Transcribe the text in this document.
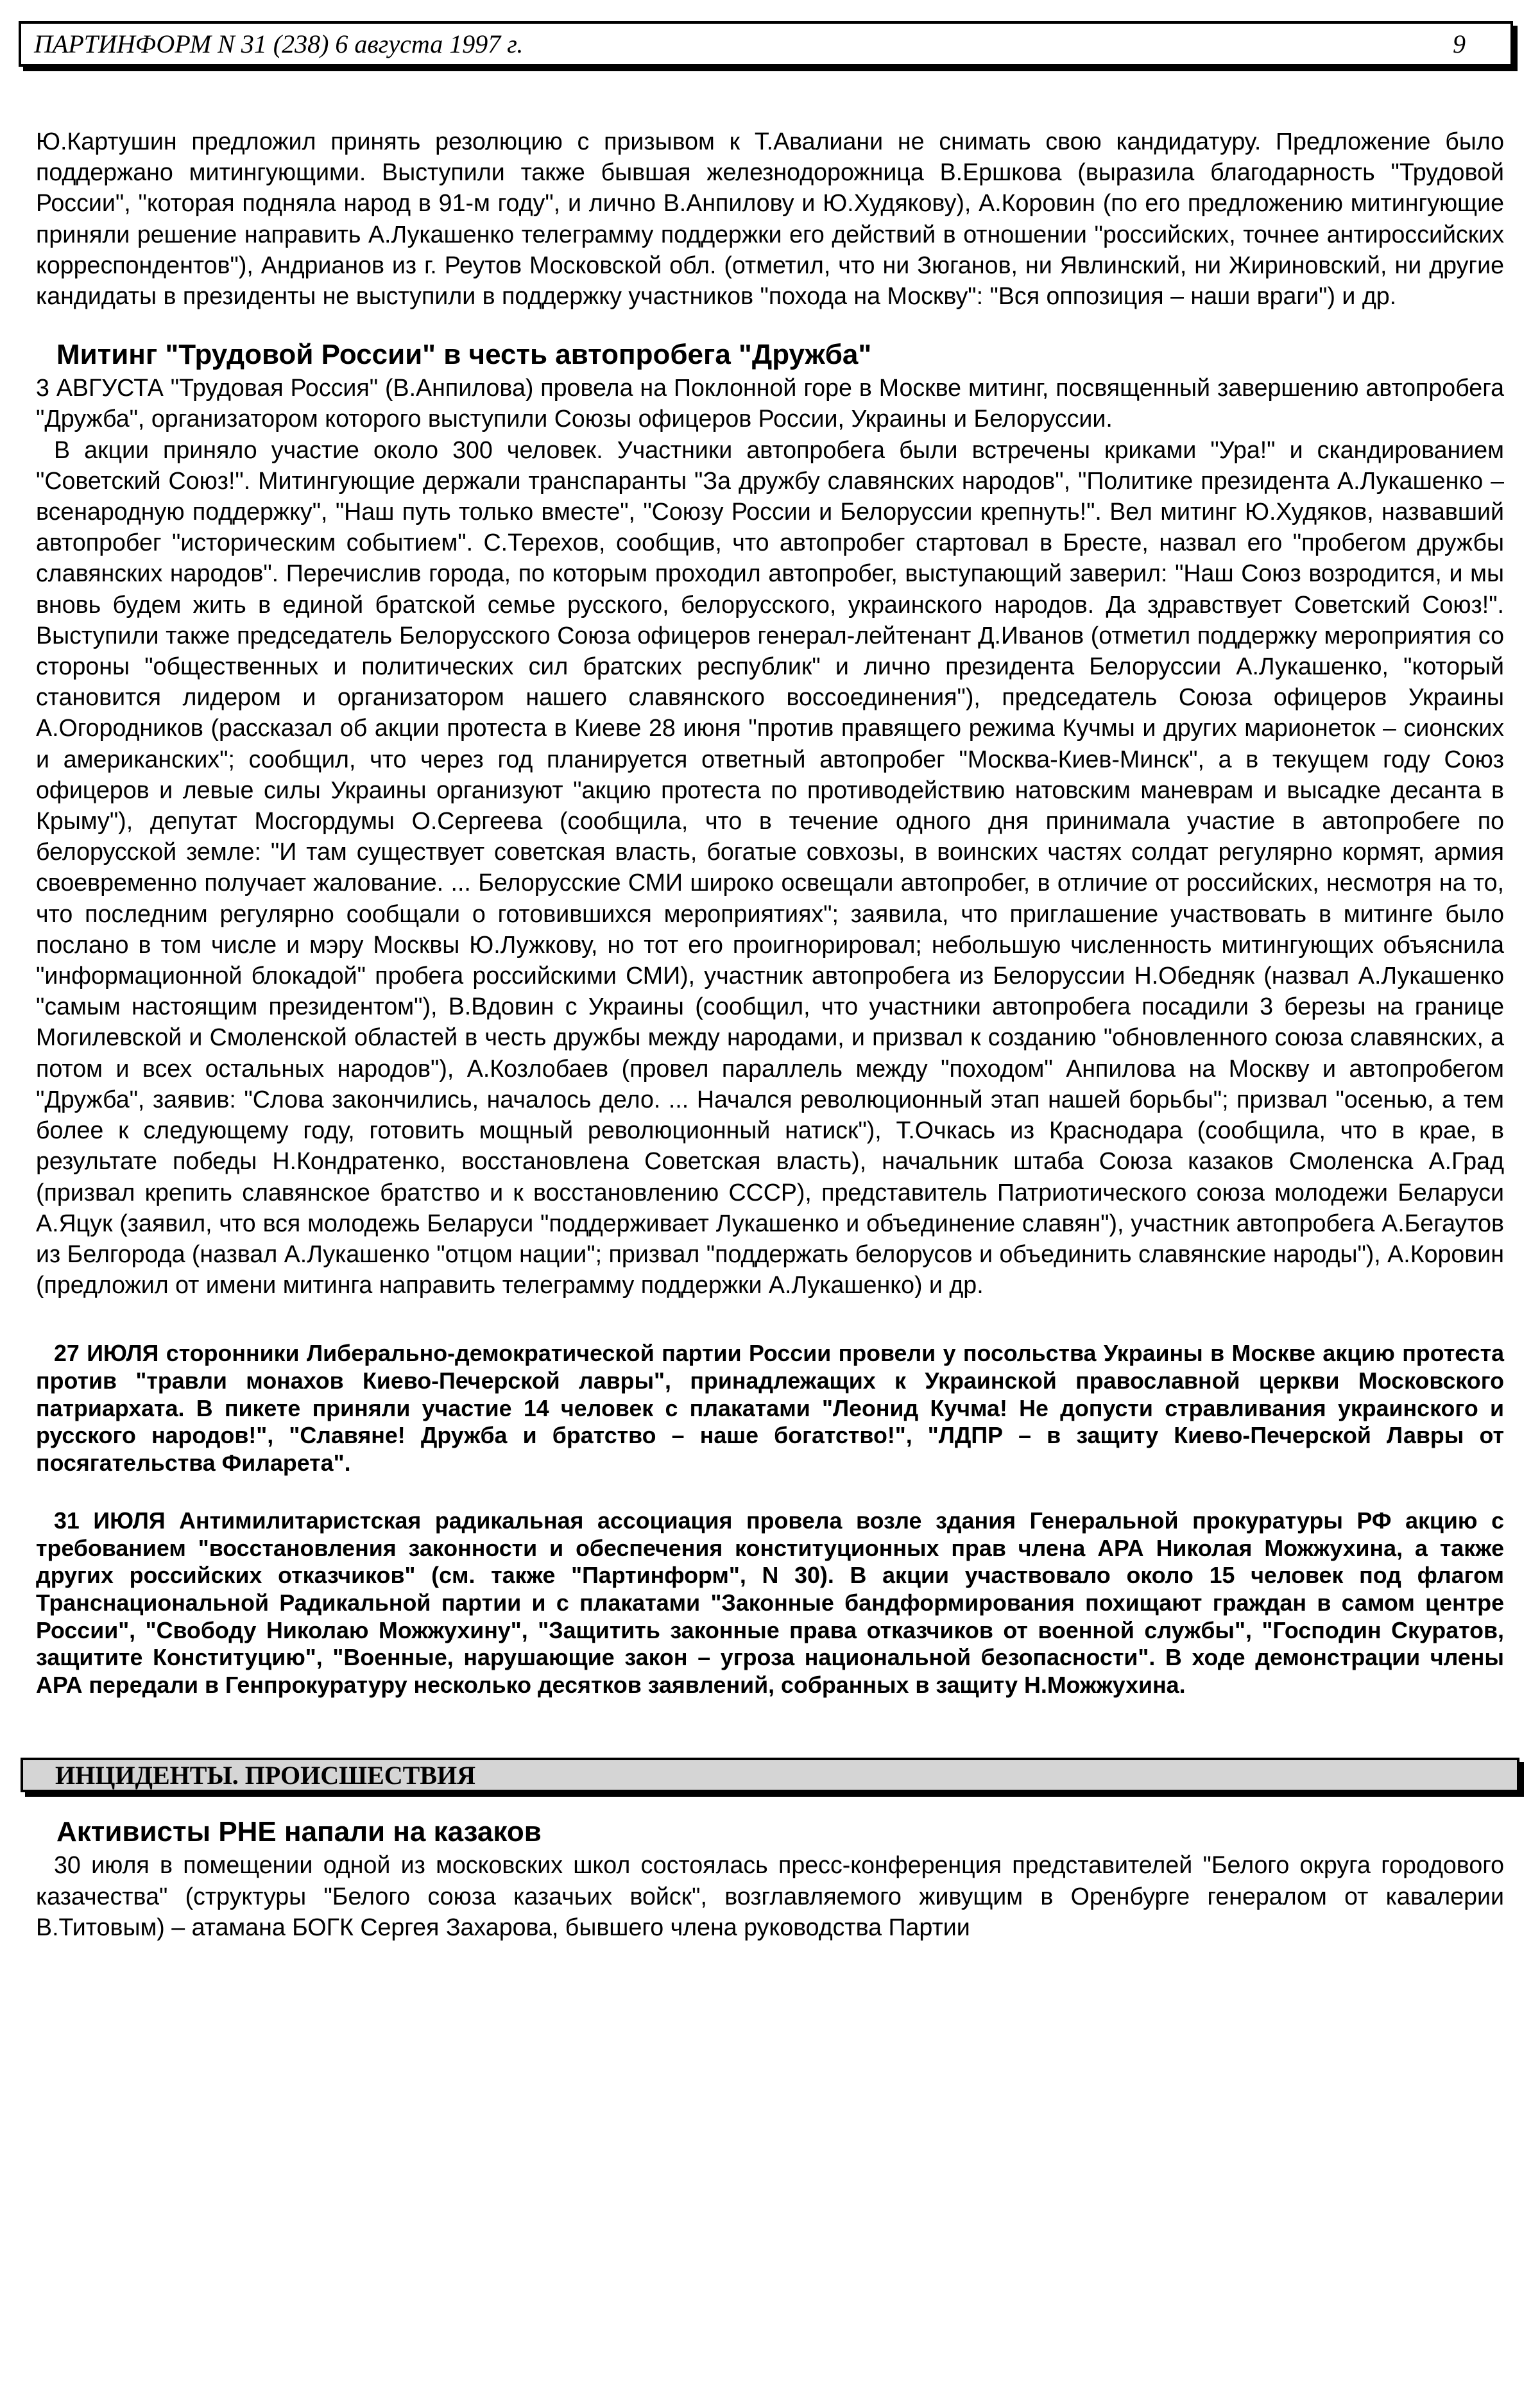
ПАРТИНФОРМ N 31 (238) 6 августа 1997 г.	9

Ю.Картушин предложил принять резолюцию с призывом к Т.Авалиани не снимать свою кандидатуру. Предложение было поддержано митингующими. Выступили также бывшая железнодорожница В.Ершкова (выразила благодарность "Трудовой России", "которая подняла народ в 91-м году", и лично В.Анпилову и Ю.Худякову), А.Коровин (по его предложению митингующие приняли решение направить А.Лукашенко телеграмму поддержки его действий в отношении "российских, точнее антироссийских корреспондентов"), Андрианов из г. Реутов Московской обл. (отметил, что ни Зюганов, ни Явлинский, ни Жириновский, ни другие кандидаты в президенты не выступили в поддержку участников "похода на Москву": "Вся оппозиция – наши враги") и др.

Митинг "Трудовой России" в честь автопробега "Дружба"

3 АВГУСТА "Трудовая Россия" (В.Анпилова) провела на Поклонной горе в Москве митинг, посвященный завершению автопробега "Дружба", организатором которого выступили Союзы офицеров России, Украины и Белоруссии.

В акции приняло участие около 300 человек. Участники автопробега были встречены криками "Ура!" и скандированием "Советский Союз!". Митингующие держали транспаранты "За дружбу славянских народов", "Политике президента А.Лукашенко – всенародную поддержку", "Наш путь только вместе", "Союзу России и Белоруссии крепнуть!". Вел митинг Ю.Худяков, назвавший автопробег "историческим событием". С.Терехов, сообщив, что автопробег стартовал в Бресте, назвал его "пробегом дружбы славянских народов". Перечислив города, по которым проходил автопробег, выступающий заверил: "Наш Союз возродится, и мы вновь будем жить в единой братской семье русского, белорусского, украинского народов. Да здравствует Советский Союз!". Выступили также председатель Белорусского Союза офицеров генерал-лейтенант Д.Иванов (отметил поддержку мероприятия со стороны "общественных и политических сил братских республик" и лично президента Белоруссии А.Лукашенко, "который становится лидером и организатором нашего славянского воссоединения"), председатель Союза офицеров Украины А.Огородников (рассказал об акции протеста в Киеве 28 июня "против правящего режима Кучмы и других марионеток – сионских и американских"; сообщил, что через год планируется ответный автопробег "Москва-Киев-Минск", а в текущем году Союз офицеров и левые силы Украины организуют "акцию протеста по противодействию натовским маневрам и высадке десанта в Крыму"), депутат Мосгордумы О.Сергеева (сообщила, что в течение одного дня принимала участие в автопробеге по белорусской земле: "И там существует советская власть, богатые совхозы, в воинских частях солдат регулярно кормят, армия своевременно получает жалование. ... Белорусские СМИ широко освещали автопробег, в отличие от российских, несмотря на то, что последним регулярно сообщали о готовившихся мероприятиях"; заявила, что приглашение участвовать в митинге было послано в том числе и мэру Москвы Ю.Лужкову, но тот его проигнорировал; небольшую численность митингующих объяснила "информационной блокадой" пробега российскими СМИ), участник автопробега из Белоруссии Н.Обедняк (назвал А.Лукашенко "самым настоящим президентом"), В.Вдовин с Украины (сообщил, что участники автопробега посадили 3 березы на границе Могилевской и Смоленской областей в честь дружбы между народами, и призвал к созданию "обновленного союза славянских, а потом и всех остальных народов"), А.Козлобаев (провел параллель между "походом" Анпилова на Москву и автопробегом "Дружба", заявив: "Слова закончились, началось дело. ... Начался революционный этап нашей борьбы"; призвал "осенью, а тем более к следующему году, готовить мощный революционный натиск"), Т.Очкась из Краснодара (сообщила, что в крае, в результате победы Н.Кондратенко, восстановлена Советская власть), начальник штаба Союза казаков Смоленска А.Град (призвал крепить славянское братство и к восстановлению СССР), представитель Патриотического союза молодежи Беларуси А.Яцук (заявил, что вся молодежь Беларуси "поддерживает Лукашенко и объединение славян"), участник автопробега А.Бегаутов из Белгорода (назвал А.Лукашенко "отцом нации"; призвал "поддержать белорусов и объединить славянские народы"), А.Коровин (предложил от имени митинга направить телеграмму поддержки А.Лукашенко) и др.

27 ИЮЛЯ сторонники Либерально-демократической партии России провели у посольства Украины в Москве акцию протеста против "травли монахов Киево-Печерской лавры", принадлежащих к Украинской православной церкви Московского патриархата. В пикете приняли участие 14 человек с плакатами "Леонид Кучма! Не допусти стравливания украинского и русского народов!", "Славяне! Дружба и братство – наше богатство!", "ЛДПР – в защиту Киево-Печерской Лавры от посягательства Филарета".

31 ИЮЛЯ Антимилитаристская радикальная ассоциация провела возле здания Генеральной прокуратуры РФ акцию с требованием "восстановления законности и обеспечения конституционных прав члена АРА Николая Можжухина, а также других российских отказчиков" (см. также "Партинформ", N 30). В акции участвовало около 15 человек под флагом Транснациональной Радикальной партии и с плакатами "Законные бандформирования похищают граждан в самом центре России", "Свободу Николаю Можжухину", "Защитить законные права отказчиков от военной службы", "Господин Скуратов, защитите Конституцию", "Военные, нарушающие закон – угроза национальной безопасности". В ходе демонстрации члены АРА передали в Генпрокуратуру несколько десятков заявлений, собранных в защиту Н.Можжухина.

ИНЦИДЕНТЫ. ПРОИСШЕСТВИЯ
Активисты РНЕ напали на казаков

30 июля в помещении одной из московских школ состоялась пресс-конференция представителей "Белого округа городового казачества" (структуры "Белого союза казачьих войск", возглавляемого живущим в Оренбурге генералом от кавалерии В.Титовым) – атамана БОГК Сергея Захарова, бывшего члена руководства Партии
